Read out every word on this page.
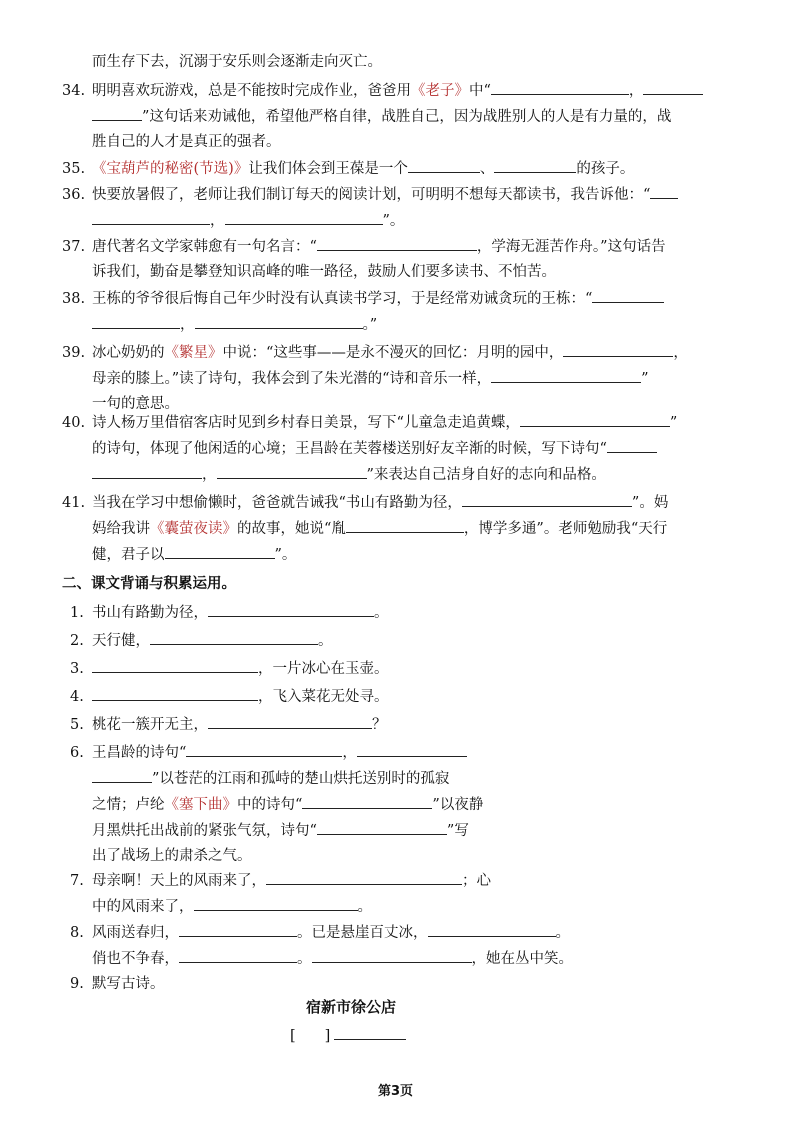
而生存下去，沉溺于安乐则会逐渐走向灭亡。
34. 明明喜欢玩游戏，总是不能按时完成作业，爸爸用《老子》中“	，
”这句话来劝诫他，希望他严格自律，战胜自己，因为战胜别人的人是有力量的，战
胜自己的人才是真正的强者。
35. 《宝葫芦的秘密(节选)》让我们体会到王葆是一个	、	的孩子。
36. 快要放暑假了，老师让我们制订每天的阅读计划，可明明不想每天都读书，我告诉他：“
，	”。
37. 唐代著名文学家韩愈有一句名言：“	，学海无涯苦作舟。”这句话告
诉我们，勤奋是攀登知识高峰的唯一路径，鼓励人们要多读书、不怕苦。
38. 王栋的爷爷很后悔自己年少时没有认真读书学习，于是经常劝诫贪玩的王栋：“
，	。”
39. 冰心奶奶的《繁星》中说：“这些事——是永不漫灭的回忆：月明的园中，	，
母亲的膝上。”读了诗句，我体会到了朱光潜的“诗和音乐一样，	”
一句的意思。
40. 诗人杨万里借宿客店时见到乡村春日美景，写下“儿童急走追黄蝶，	”
的诗句，体现了他闲适的心境；王昌龄在芙蓉楼送别好友辛渐的时候，写下诗句“
，	”来表达自己洁身自好的志向和品格。
41. 当我在学习中想偷懒时，爸爸就告诫我“书山有路勤为径，	”。妈
妈给我讲《囊萤夜读》的故事，她说“胤	，博学多通”。老师勉励我“天行
健，君子以	”。
二、课文背诵与积累运用。
1. 书山有路勤为径，	。
2. 天行健，	。
3.	，一片冰心在玉壶。
4.	，飞入菜花无处寻。
5. 桃花一簇开无主，	？
6. 王昌龄的诗句“	，
”以苍茫的江雨和孤峙的楚山烘托送别时的孤寂
之情；卢纶《塞下曲》中的诗句“	”以夜静
月黑烘托出战前的紧张气氛，诗句“	”写
出了战场上的肃杀之气。
7. 母亲啊！天上的风雨来了，	；心
中的风雨来了，	。
8. 风雨送春归，	。已是悬崖百丈冰，	。
俏也不争春，	。	，她在丛中笑。
9. 默写古诗。
宿新市徐公店
[　　]
第3页
